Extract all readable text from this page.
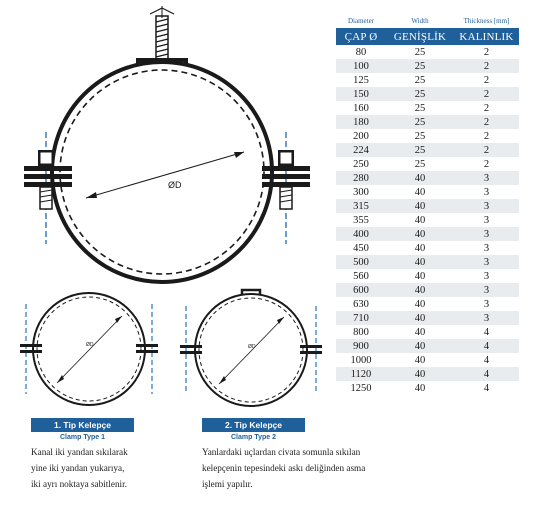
ØD
ØD	ØD
1. Tip Kelepçe
Clamp Type 1
Kanal iki yandan sıkılarak
yine iki yandan yukarıya,
iki ayrı noktaya sabitlenir.
2. Tip Kelepçe
Clamp Type 2
Yanlardaki uçlardan civata somunla sıkılan
kelepçenin tepesindeki askı deliğinden asma
işlemi yapılır.
Diameter	Width	Thickness [mm]
ÇAP Ø	GENİŞLİK	KALINLIK
80	25	2
100	25	2
125	25	2
150	25	2
160	25	2
180	25	2
200	25	2
224	25	2
250	25	2
280	40	3
300	40	3
315	40	3
355	40	3
400	40	3
450	40	3
500	40	3
560	40	3
600	40	3
630	40	3
710	40	3
800	40	4
900	40	4
1000	40	4
1120	40	4
1250	40	4
